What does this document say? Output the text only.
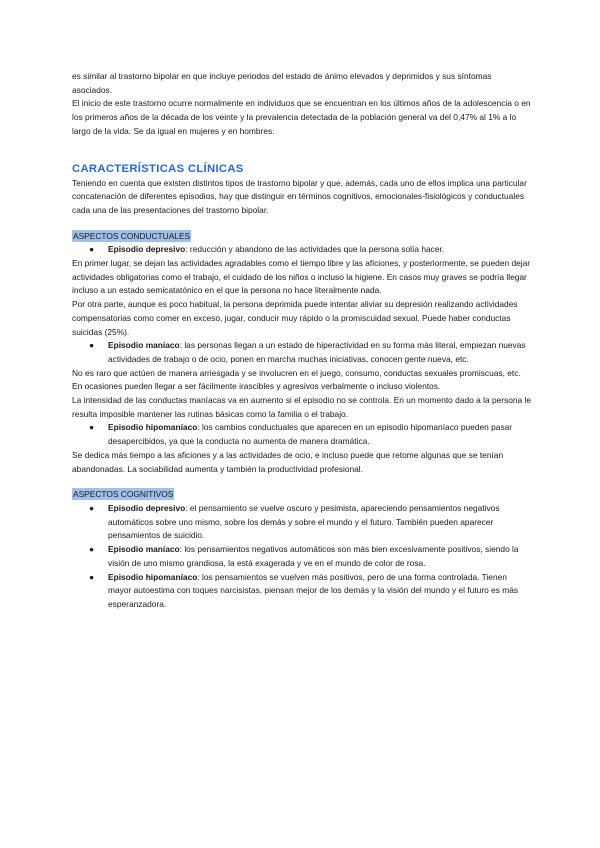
es similar al trastorno bipolar en que incluye periodos del estado de ánimo elevados y deprimidos y sus síntomas asociados.

El inicio de este trastorno ocurre normalmente en individuos que se encuentran en los últimos años de la adolescencia o en los primeros años de la década de los veinte y la prevalencia detectada de la población general va del 0,47% al 1% a lo largo de la vida. Se da igual en mujeres y en hombres.

CARACTERÍSTICAS CLÍNICAS

Teniendo en cuenta que existen distintos tipos de trastorno bipolar y que, además, cada uno de ellos implica una particular concatenación de diferentes episodios, hay que distinguir en términos cognitivos, emocionales-fisiológicos y conductuales cada una de las presentaciones del trastorno bipolar.

ASPECTOS CONDUCTUALES

● Episodio depresivo: reducción y abandono de las actividades que la persona solía hacer.

En primer lugar, se dejan las actividades agradables como el tiempo libre y las aficiones, y posteriormente, se pueden dejar actividades obligatorias como el trabajo, el cuidado de los niños o incluso la higiene. En casos muy graves se podría llegar incluso a un estado semicatatónico en el que la persona no hace literalmente nada.

Por otra parte, aunque es poco habitual, la persona deprimida puede intentar aliviar su depresión realizando actividades compensatorias como comer en exceso, jugar, conducir muy rápido o la promiscuidad sexual. Puede haber conductas suicidas (25%).

● Episodio maníaco: las personas llegan a un estado de hiperactividad en su forma más literal, empiezan nuevas actividades de trabajo o de ocio, ponen en marcha muchas iniciativas, conocen gente nueva, etc.

No es raro que actúen de manera arriesgada y se involucren en el juego, consumo, conductas sexuales promiscuas, etc. En ocasiones pueden llegar a ser fácilmente irascibles y agresivos verbalmente o incluso violentos.

La intensidad de las conductas maníacas va en aumento si el episodio no se controla. En un momento dado a la persona le resulta imposible mantener las rutinas básicas como la familia o el trabajo.

● Episodio hipomaníaco: los cambios conductuales que aparecen en un episodio hipomaníaco pueden pasar desapercibidos, ya que la conducta no aumenta de manera dramática.

Se dedica más tiempo a las aficiones y a las actividades de ocio, e incluso puede que retome algunas que se tenían abandonadas. La sociabilidad aumenta y también la productividad profesional.

ASPECTOS COGNITIVOS

● Episodio depresivo: el pensamiento se vuelve oscuro y pesimista, apareciendo pensamientos negativos automáticos sobre uno mismo, sobre los demás y sobre el mundo y el futuro. También pueden aparecer pensamientos de suicidio.
● Episodio maníaco: los pensamientos negativos automáticos son más bien excesivamente positivos, siendo la visión de uno mismo grandiosa, la está exagerada y ve en el mundo de color de rosa.
● Episodio hipomaníaco: los pensamientos se vuelven más positivos, pero de una forma controlada. Tienen mayor autoestima con toques narcisistas, piensan mejor de los demás y la visión del mundo y el futuro es más esperanzadora.
